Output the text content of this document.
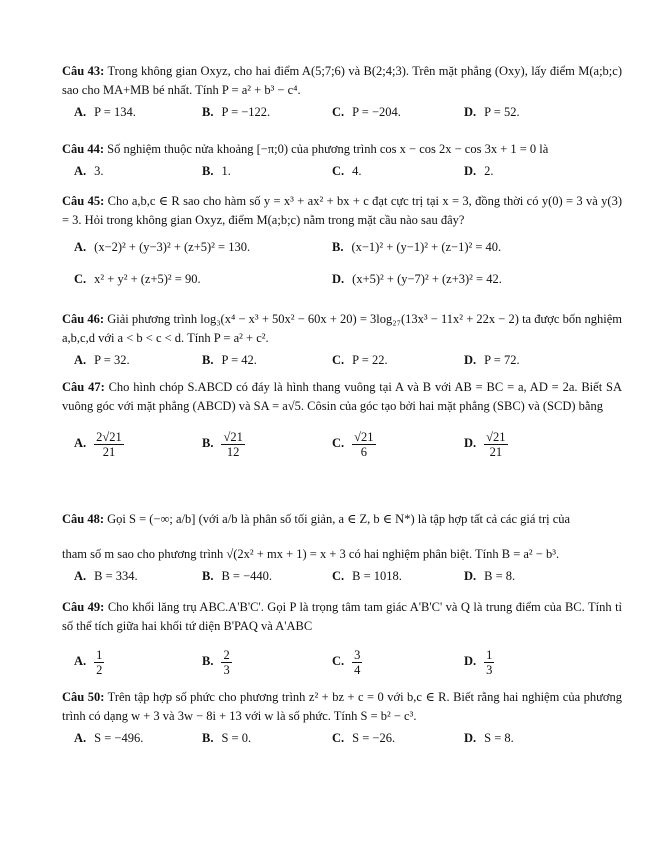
Câu 43: Trong không gian Oxyz, cho hai điểm A(5;7;6) và B(2;4;3). Trên mặt phẳng (Oxy), lấy điểm M(a;b;c) sao cho MA+MB bé nhất. Tính P = a² + b³ − c⁴.

A. P = 134.	B. P = −122.	C. P = −204.	D. P = 52.

Câu 44: Số nghiệm thuộc nửa khoảng [−π;0) của phương trình cos x − cos 2x − cos 3x + 1 = 0 là

A. 3.	B. 1.	C. 4.	D. 2.

Câu 45: Cho a,b,c ∈ R sao cho hàm số y = x³ + ax² + bx + c đạt cực trị tại x = 3, đồng thời có y(0) = 3 và y(3) = 3. Hỏi trong không gian Oxyz, điểm M(a;b;c) nằm trong mặt cầu nào sau đây?

A. (x−2)² + (y−3)² + (z+5)² = 130.	B. (x−1)² + (y−1)² + (z−1)² = 40.
C. x² + y² + (z+5)² = 90.	D. (x+5)² + (y−7)² + (z+3)² = 42.

Câu 46: Giải phương trình log₃(x⁴ − x³ + 50x² − 60x + 20) = 3log₂₇(13x³ − 11x² + 22x − 2) ta được bốn nghiệm a,b,c,d với a < b < c < d. Tính P = a² + c².

A. P = 32.	B. P = 42.	C. P = 22.	D. P = 72.

Câu 47: Cho hình chóp S.ABCD có đáy là hình thang vuông tại A và B với AB = BC = a, AD = 2a. Biết SA vuông góc với mặt phẳng (ABCD) và SA = a√5. Côsin của góc tạo bởi hai mặt phẳng (SBC) và (SCD) bằng

A. $\frac{2√21}{21}$	B. $\frac{√21}{12}$	C. $\frac{√21}{6}$	D. $\frac{√21}{21}$

Câu 48: Gọi S = (−∞; a/b] (với a/b là phân số tối giản, a ∈ Z, b ∈ N*) là tập hợp tất cả các giá trị của

tham số m sao cho phương trình √(2x² + mx + 1) = x + 3 có hai nghiệm phân biệt. Tính B = a² − b³.

A. B = 334.	B. B = −440.	C. B = 1018.	D. B = 8.

Câu 49: Cho khối lăng trụ ABC.A'B'C'. Gọi P là trọng tâm tam giác A'B'C' và Q là trung điểm của BC. Tính tỉ số thể tích giữa hai khối tứ diện B'PAQ và A'ABC

A. $\frac{1}{2}$	B. $\frac{2}{3}$	C. $\frac{3}{4}$	D. $\frac{1}{3}$

Câu 50: Trên tập hợp số phức cho phương trình z² + bz + c = 0 với b,c ∈ R. Biết rằng hai nghiệm của phương trình có dạng w + 3 và 3w − 8i + 13 với w là số phức. Tính S = b² − c³.

A. S = −496.	B. S = 0.	C. S = −26.	D. S = 8.
